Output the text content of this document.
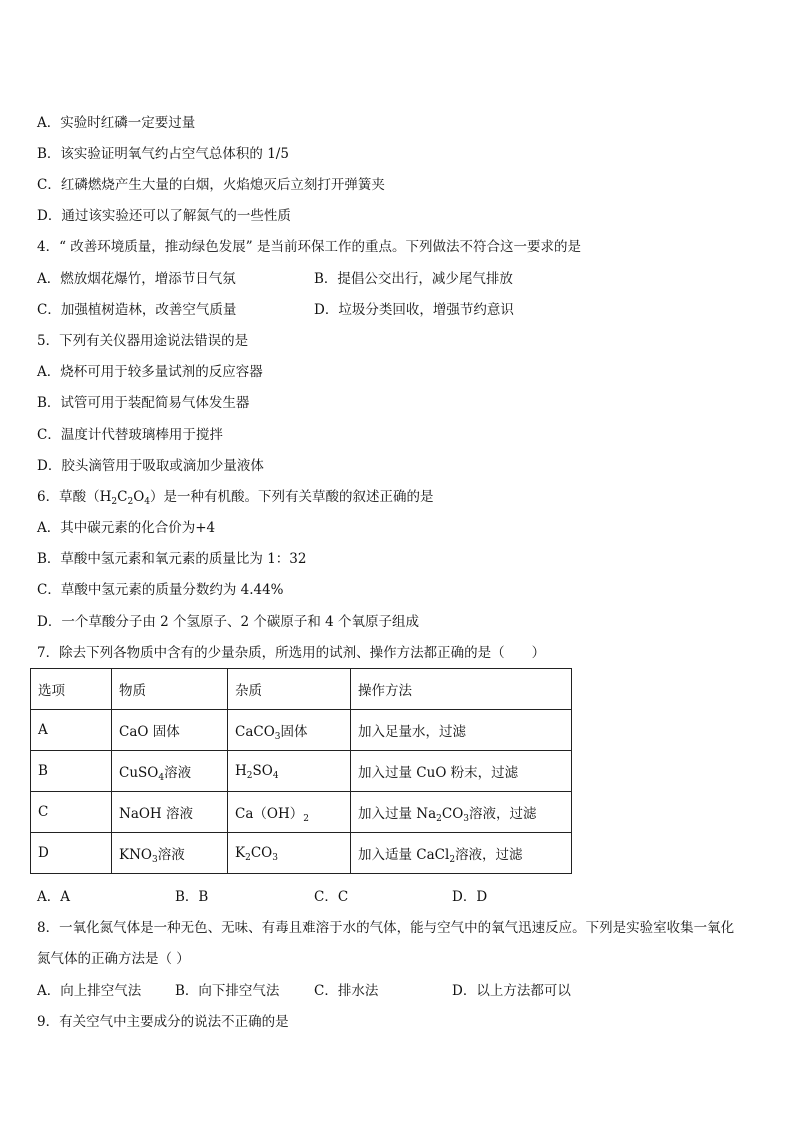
A．实验时红磷一定要过量
B．该实验证明氧气约占空气总体积的 1/5
C．红磷燃烧产生大量的白烟，火焰熄灭后立刻打开弹簧夹
D．通过该实验还可以了解氮气的一些性质
4．“ 改善环境质量，推动绿色发展” 是当前环保工作的重点。下列做法不符合这一要求的是
A．燃放烟花爆竹，增添节日气氛	B．提倡公交出行，减少尾气排放
C．加强植树造林，改善空气质量	D．垃圾分类回收，增强节约意识
5．下列有关仪器用途说法错误的是
A．烧杯可用于较多量试剂的反应容器
B．试管可用于装配简易气体发生器
C．温度计代替玻璃棒用于搅拌
D．胶头滴管用于吸取或滴加少量液体
6．草酸$(H_2C_2O_4)$是一种有机酸。下列有关草酸的叙述正确的是
A．其中碳元素的化合价为+4
B．草酸中氢元素和氧元素的质量比为 1：32
C．草酸中氢元素的质量分数约为 4.44%
D．一个草酸分子由 2 个氢原子、2 个碳原子和 4 个氧原子组成
7．除去下列各物质中含有的少量杂质，所选用的试剂、操作方法都正确的是（　　）
选项	物质	杂质	操作方法
A	CaO 固体	CaCO$_3$固体	加入足量水，过滤
B	CuSO$_4$溶液	$H_2SO_4$	加入过量 CuO 粉末，过滤
C	NaOH 溶液	$Ca(OH)_2$	加入过量 $Na_2CO_3$溶液，过滤
D	$KNO_3$溶液	$K_2CO_3$	加入适量 CaCl$_2$溶液，过滤
A．A	B．B	C．C	D．D
8．一氧化氮气体是一种无色、无味、有毒且难溶于水的气体，能与空气中的氧气迅速反应。下列是实验室收集一氧化
氮气体的正确方法是（ ）
A．向上排空气法	B．向下排空气法	C．排水法	D．以上方法都可以
9．有关空气中主要成分的说法不正确的是
